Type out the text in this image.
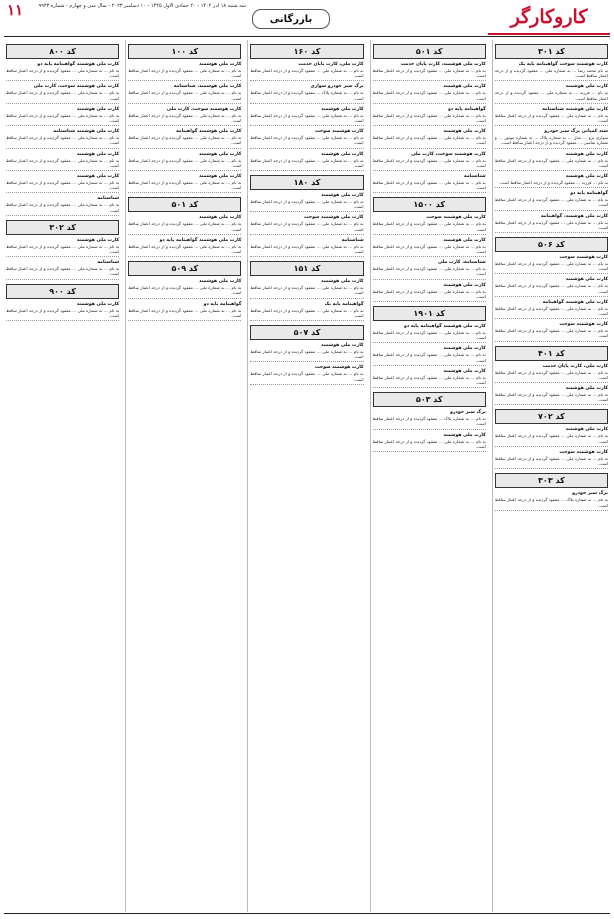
کاروکارگر
بازرگانی
سه شنبه ۱۸ آذر ۱۴۰۲ - ۲۰ جمادی الاول ۱۴۴۵ - ۱۰ دسامبر ۲۰۲۳ - سال سی و چهارم - شماره ۹۹۴۳
۱۱
کد ۳۰۱
کارت هوشمند سوخت گواهینامه پایه یک
به نام محمد رضا … به شماره ملی … مفقود گردیده و از درجه اعتبار ساقط است.
کارت ملی هوشمند
به نام … فرزند … به شماره ملی … مفقود گردیده و از درجه اعتبار ساقط است.
کارت ملی هوشمند شناسنامه
به نام … به شماره ملی … مفقود گردیده و از درجه اعتبار ساقط است.
سند کمپانی برگ سبز خودرو
سواری پژو … مدل … به شماره پلاک … به شماره موتور … و شماره شاسی … مفقود گردیده و از درجه اعتبار ساقط است.
کارت ملی هوشمند
به نام … به شماره ملی … مفقود گردیده و از درجه اعتبار ساقط است.
کارت ملی هوشمند
به نام … فرزند … مفقود گردیده و از درجه اعتبار ساقط است.
گواهینامه پایه دو
به نام … به شماره ملی … مفقود گردیده و از درجه اعتبار ساقط است.
کارت ملی هوشمند، گواهینامه
به نام … به شماره ملی … مفقود گردیده و از درجه اعتبار ساقط است.
کد ۵۰۶
کارت هوشمند سوخت
به نام … به شماره ملی … مفقود گردیده و از درجه اعتبار ساقط است.
کارت ملی هوشمند
به نام … به شماره ملی … مفقود گردیده و از درجه اعتبار ساقط است.
کارت ملی هوشمند گواهینامه
به نام … به شماره ملی … مفقود گردیده و از درجه اعتبار ساقط است.
کارت هوشمند سوخت
به نام … به شماره ملی … مفقود گردیده و از درجه اعتبار ساقط است.
کد ۴۰۱
کارت ملی، کارت پایان خدمت
به نام … به شماره ملی … مفقود گردیده و از درجه اعتبار ساقط است.
کارت ملی هوشمند
به نام … به شماره ملی … مفقود گردیده و از درجه اعتبار ساقط است.
کد ۷۰۲
کارت ملی هوشمند
به نام … به شماره ملی … مفقود گردیده و از درجه اعتبار ساقط است.
کارت هوشمند سوخت
به نام … به شماره ملی … مفقود گردیده و از درجه اعتبار ساقط است.
کد ۳۰۳
برگ سبز خودرو
به نام … به شماره پلاک … مفقود گردیده و از درجه اعتبار ساقط است.
کد ۵۰۱
کارت ملی هوشمند، کارت پایان خدمت
به نام … به شماره ملی … مفقود گردیده و از درجه اعتبار ساقط است.
کارت ملی هوشمند
به نام … به شماره ملی … مفقود گردیده و از درجه اعتبار ساقط است.
گواهینامه پایه دو
به نام … به شماره ملی … مفقود گردیده و از درجه اعتبار ساقط است.
کارت ملی هوشمند
به نام … به شماره ملی … مفقود گردیده و از درجه اعتبار ساقط است.
کارت هوشمند سوخت، کارت ملی
به نام … به شماره ملی … مفقود گردیده و از درجه اعتبار ساقط است.
شناسنامه
به نام … به شماره ملی … مفقود گردیده و از درجه اعتبار ساقط است.
کد ۱۵۰۰
کارت ملی هوشمند سوخت
به نام … به شماره ملی … مفقود گردیده و از درجه اعتبار ساقط است.
کارت ملی هوشمند
به نام … به شماره ملی … مفقود گردیده و از درجه اعتبار ساقط است.
شناسنامه، کارت ملی
به نام … به شماره ملی … مفقود گردیده و از درجه اعتبار ساقط است.
کارت ملی هوشمند
به نام … به شماره ملی … مفقود گردیده و از درجه اعتبار ساقط است.
کد ۱۹۰۱
کارت ملی هوشمند گواهینامه پایه دو
به نام … به شماره ملی … مفقود گردیده و از درجه اعتبار ساقط است.
کارت ملی هوشمند
به نام … به شماره ملی … مفقود گردیده و از درجه اعتبار ساقط است.
کارت ملی هوشمند
به نام … به شماره ملی … مفقود گردیده و از درجه اعتبار ساقط است.
کد ۵۰۳
برگ سبز خودرو
به نام … به شماره پلاک … مفقود گردیده و از درجه اعتبار ساقط است.
کارت ملی هوشمند
به نام … به شماره ملی … مفقود گردیده و از درجه اعتبار ساقط است.
کد ۱۶۰
کارت ملی، کارت پایان خدمت
به نام … به شماره ملی … مفقود گردیده و از درجه اعتبار ساقط است.
برگ سبز خودرو سواری
به نام … به شماره پلاک … مفقود گردیده و از درجه اعتبار ساقط است.
کارت ملی هوشمند
به نام … به شماره ملی … مفقود گردیده و از درجه اعتبار ساقط است.
کارت هوشمند سوخت
به نام … به شماره ملی … مفقود گردیده و از درجه اعتبار ساقط است.
کارت ملی هوشمند
به نام … به شماره ملی … مفقود گردیده و از درجه اعتبار ساقط است.
کد ۱۸۰
کارت ملی هوشمند
به نام … به شماره ملی … مفقود گردیده و از درجه اعتبار ساقط است.
کارت ملی هوشمند سوخت
به نام … به شماره ملی … مفقود گردیده و از درجه اعتبار ساقط است.
شناسنامه
به نام … به شماره ملی … مفقود گردیده و از درجه اعتبار ساقط است.
کد ۱۵۱
کارت ملی هوشمند
به نام … به شماره ملی … مفقود گردیده و از درجه اعتبار ساقط است.
گواهینامه پایه یک
به نام … به شماره ملی … مفقود گردیده و از درجه اعتبار ساقط است.
کد ۵۰۷
کارت ملی هوشمند
به نام … به شماره ملی … مفقود گردیده و از درجه اعتبار ساقط است.
کارت هوشمند سوخت
به نام … به شماره ملی … مفقود گردیده و از درجه اعتبار ساقط است.
کد ۱۰۰
کارت ملی هوشمند
به نام … به شماره ملی … مفقود گردیده و از درجه اعتبار ساقط است.
کارت ملی هوشمند، شناسنامه
به نام … به شماره ملی … مفقود گردیده و از درجه اعتبار ساقط است.
کارت هوشمند سوخت، کارت ملی
به نام … به شماره ملی … مفقود گردیده و از درجه اعتبار ساقط است.
کارت ملی هوشمند گواهینامه
به نام … به شماره ملی … مفقود گردیده و از درجه اعتبار ساقط است.
کارت ملی هوشمند
به نام … به شماره ملی … مفقود گردیده و از درجه اعتبار ساقط است.
کارت ملی هوشمند
به نام … به شماره ملی … مفقود گردیده و از درجه اعتبار ساقط است.
کد ۵۰۱
کارت ملی هوشمند
به نام … به شماره ملی … مفقود گردیده و از درجه اعتبار ساقط است.
کارت ملی هوشمند گواهینامه پایه دو
به نام … به شماره ملی … مفقود گردیده و از درجه اعتبار ساقط است.
کد ۵۰۹
کارت ملی هوشمند
به نام … به شماره ملی … مفقود گردیده و از درجه اعتبار ساقط است.
گواهینامه پایه دو
به نام … به شماره ملی … مفقود گردیده و از درجه اعتبار ساقط است.
کد ۸۰۰
کارت ملی هوشمند گواهینامه پایه دو
به نام … به شماره ملی … مفقود گردیده و از درجه اعتبار ساقط است.
کارت ملی هوشمند سوخت، کارت ملی
به نام … به شماره ملی … مفقود گردیده و از درجه اعتبار ساقط است.
کارت ملی هوشمند
به نام … به شماره ملی … مفقود گردیده و از درجه اعتبار ساقط است.
کارت ملی هوشمند شناسنامه
به نام … به شماره ملی … مفقود گردیده و از درجه اعتبار ساقط است.
کارت ملی هوشمند
به نام … به شماره ملی … مفقود گردیده و از درجه اعتبار ساقط است.
کارت ملی هوشمند
به نام … به شماره ملی … مفقود گردیده و از درجه اعتبار ساقط است.
شناسنامه
به نام … به شماره ملی … مفقود گردیده و از درجه اعتبار ساقط است.
کد ۳۰۲
کارت ملی هوشمند
به نام … به شماره ملی … مفقود گردیده و از درجه اعتبار ساقط است.
شناسنامه
به نام … به شماره ملی … مفقود گردیده و از درجه اعتبار ساقط است.
کد ۹۰۰
کارت ملی هوشمند
به نام … به شماره ملی … مفقود گردیده و از درجه اعتبار ساقط است.
